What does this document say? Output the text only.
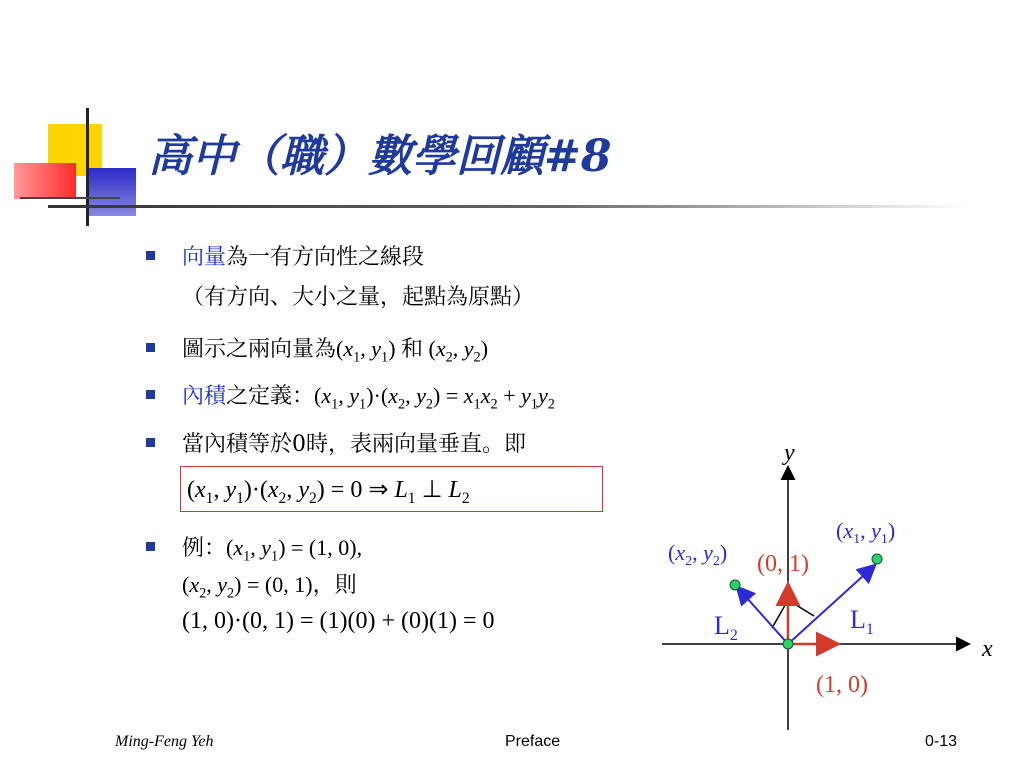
高中（職）數學回顧#8
向量為一有方向性之線段
（有方向、大小之量，起點為原點）
圖示之兩向量為($x_1$, $y_1$) 和 ($x_2$, $y_2$)
內積之定義：($x_1$, $y_1)\cdot(x_2$, $y_2) = x_1x_2 + y_1y_2$
當內積等於0時，表兩向量垂直。即
($x_1$, $y_1)\cdot(x_2$, $y_2) = 0$ ⇒ $L_1$ ⊥ $L_2$
例：($x_1$, $y_1) = (1$, 0),
($x_2$, $y_2) = (0$, 1)，則
(1, 0)·(0, 1) = (1)(0) + (0)(1) = 0
x
y
($x_1$, $y_1$)
($x_2$, $y_2$) (0, 1)
(1, 0)
$L_1$
$L_2$
Ming-Feng Yeh	Preface	0-13
